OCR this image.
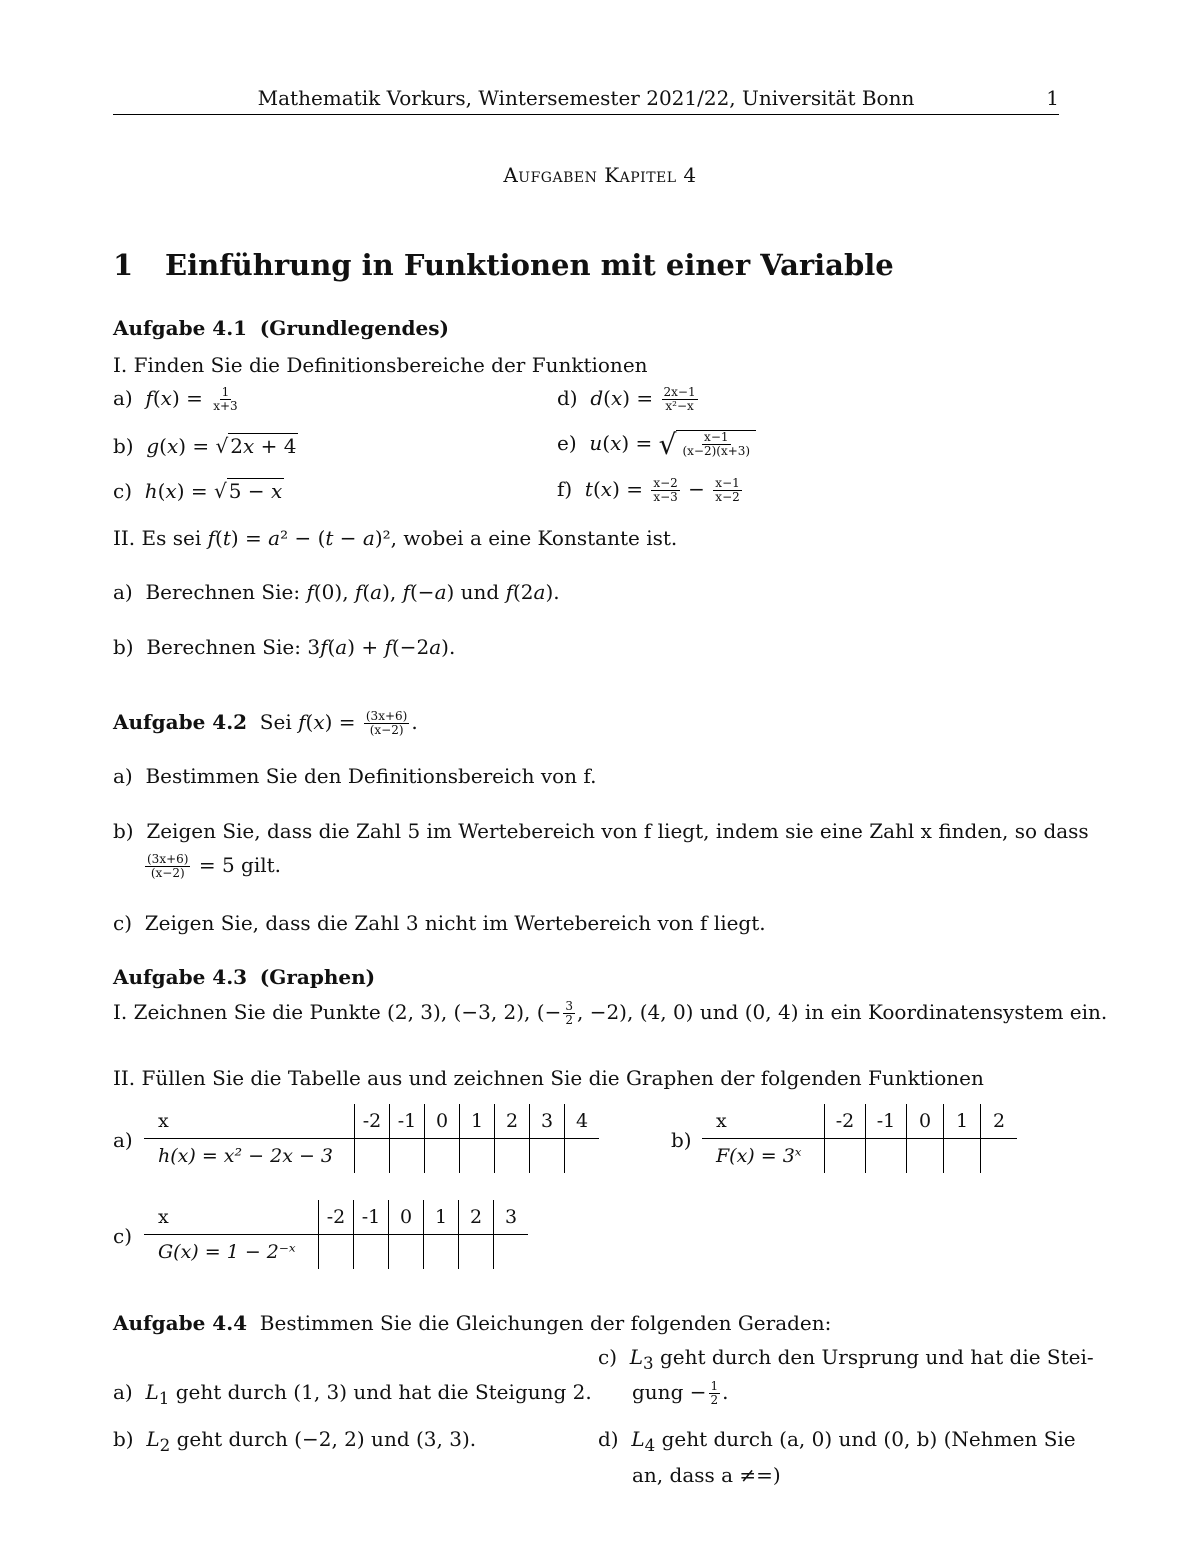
Mathematik Vorkurs, Wintersemester 2021/22, Universität Bonn	1
Aufgaben Kapitel 4
1 Einführung in Funktionen mit einer Variable
Aufgabe 4.1 (Grundlegendes)
I. Finden Sie die Definitionsbereiche der Funktionen
a)  $f(x) = \frac{1}{x+3}$
b)  g(x) = √ 2x + 4
c)  h(x) = √ 5 − x
d)  $d(x) = \frac{2x-1}{\text{x²−x}}$
e)  u(x) = √ $\frac{x-1}{(x-2)(x+3)}$
f)  $t(x) = \frac{x-2}{x-3} - \frac{x-1}{x-2}$
II. Es sei f(t) = a² − (t − a)², wobei a eine Konstante ist.
a)  Berechnen Sie: f(0), f(a), f(−a) und f(2a).
b)  Berechnen Sie: 3f(a) + f(−2a).
Aufgabe 4.2 Sei $f(x) = \frac{(3x+6)}{(x-2)}$ .
a)  Bestimmen Sie den Definitionsbereich von f.
b)  Zeigen Sie, dass die Zahl 5 im Wertebereich von f liegt, indem sie eine Zahl x finden, so dass
$\frac{(3x+6)}{(x-2)} = 5$ gilt.
c)  Zeigen Sie, dass die Zahl 3 nicht im Wertebereich von f liegt.
Aufgabe 4.3 (Graphen)
I. Zeichnen Sie die Punkte (2, 3), (−3, 2), (− $\frac{3}{2}$ , −2), (4, 0) und (0, 4) in ein Koordinatensystem ein.
II. Füllen Sie die Tabelle aus und zeichnen Sie die Graphen der folgenden Funktionen
a)
x	-2	-1	0	1	2	3	4
h(x) = x² − 2x − 3							
b)
x	-2	-1	0	1	2
F(x) = 3ˣ					
c)
x	-2	-1	0	1	2	3
G(x) = 1 − 2⁻ˣ						
Aufgabe 4.4 Bestimmen Sie die Gleichungen der folgenden Geraden:
a)  $L_1$ geht durch (1, 3) und hat die Steigung 2.
b)  $L_2$ geht durch (−2, 2) und (3, 3).
c)  $L_3$ geht durch den Ursprung und hat die Stei-
gung − $\frac{1}{2}$ .
d)  $L_4$ geht durch (a, 0) und (0, b) (Nehmen Sie
an, dass a ≠=)
